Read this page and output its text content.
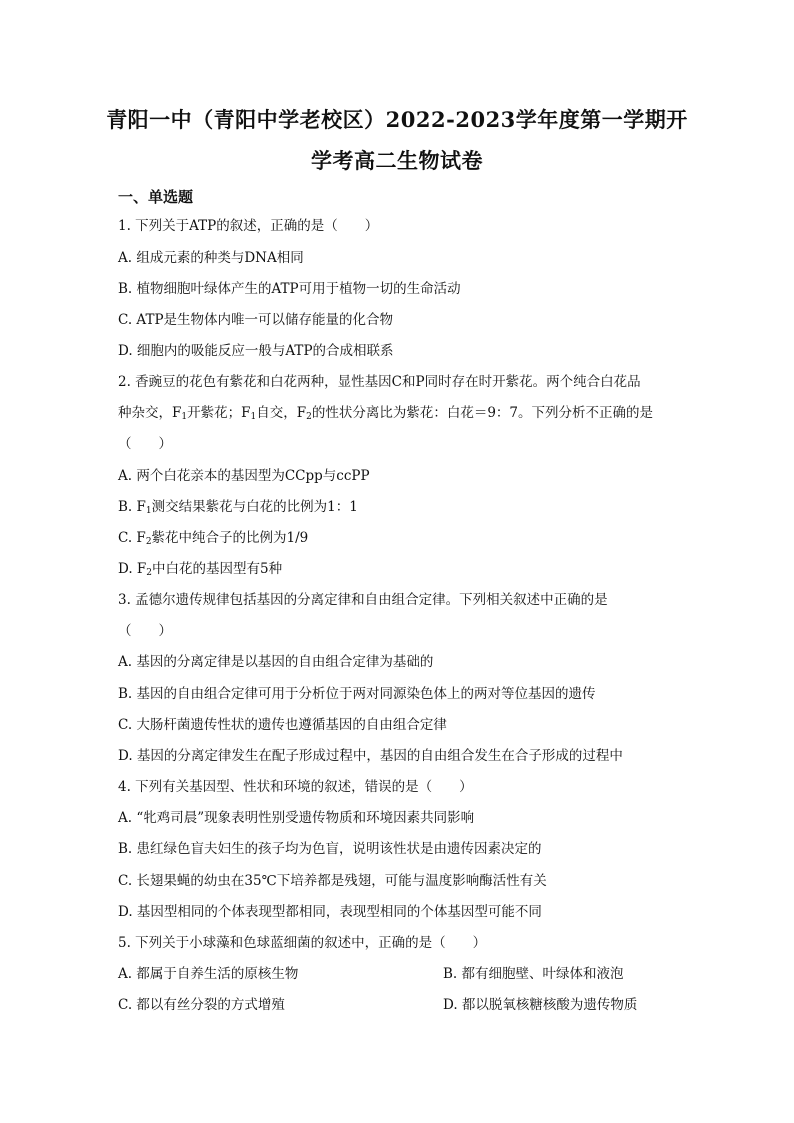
青阳一中（青阳中学老校区）2022-2023学年度第一学期开
学考高二生物试卷
一、单选题
1. 下列关于ATP的叙述，正确的是（　　）
A. 组成元素的种类与DNA相同
B. 植物细胞叶绿体产生的ATP可用于植物一切的生命活动
C. ATP是生物体内唯一可以储存能量的化合物
D. 细胞内的吸能反应一般与ATP的合成相联系
2. 香豌豆的花色有紫花和白花两种，显性基因C和P同时存在时开紫花。两个纯合白花品
种杂交，$F_1$开紫花；$F_1$自交，$F_2$的性状分离比为紫花：白花＝9：7。下列分析不正确的是
（　　）
A. 两个白花亲本的基因型为CCpp与ccPP
B. $F_1$测交结果紫花与白花的比例为1：1
C. $F_2$紫花中纯合子的比例为1/9
D. $F_2$中白花的基因型有5种
3. 孟德尔遗传规律包括基因的分离定律和自由组合定律。下列相关叙述中正确的是
（　　）
A. 基因的分离定律是以基因的自由组合定律为基础的
B. 基因的自由组合定律可用于分析位于两对同源染色体上的两对等位基因的遗传
C. 大肠杆菌遗传性状的遗传也遵循基因的自由组合定律
D. 基因的分离定律发生在配子形成过程中，基因的自由组合发生在合子形成的过程中
4. 下列有关基因型、性状和环境的叙述，错误的是（　　）
A. “牝鸡司晨”现象表明性别受遗传物质和环境因素共同影响
B. 患红绿色盲夫妇生的孩子均为色盲，说明该性状是由遗传因素决定的
C. 长翅果蝇的幼虫在35℃下培养都是残翅，可能与温度影响酶活性有关
D. 基因型相同的个体表现型都相同，表现型相同的个体基因型可能不同
5. 下列关于小球藻和色球蓝细菌的叙述中，正确的是（　　）
A. 都属于自养生活的原核生物	B. 都有细胞壁、叶绿体和液泡
C. 都以有丝分裂的方式增殖	D. 都以脱氧核糖核酸为遗传物质
